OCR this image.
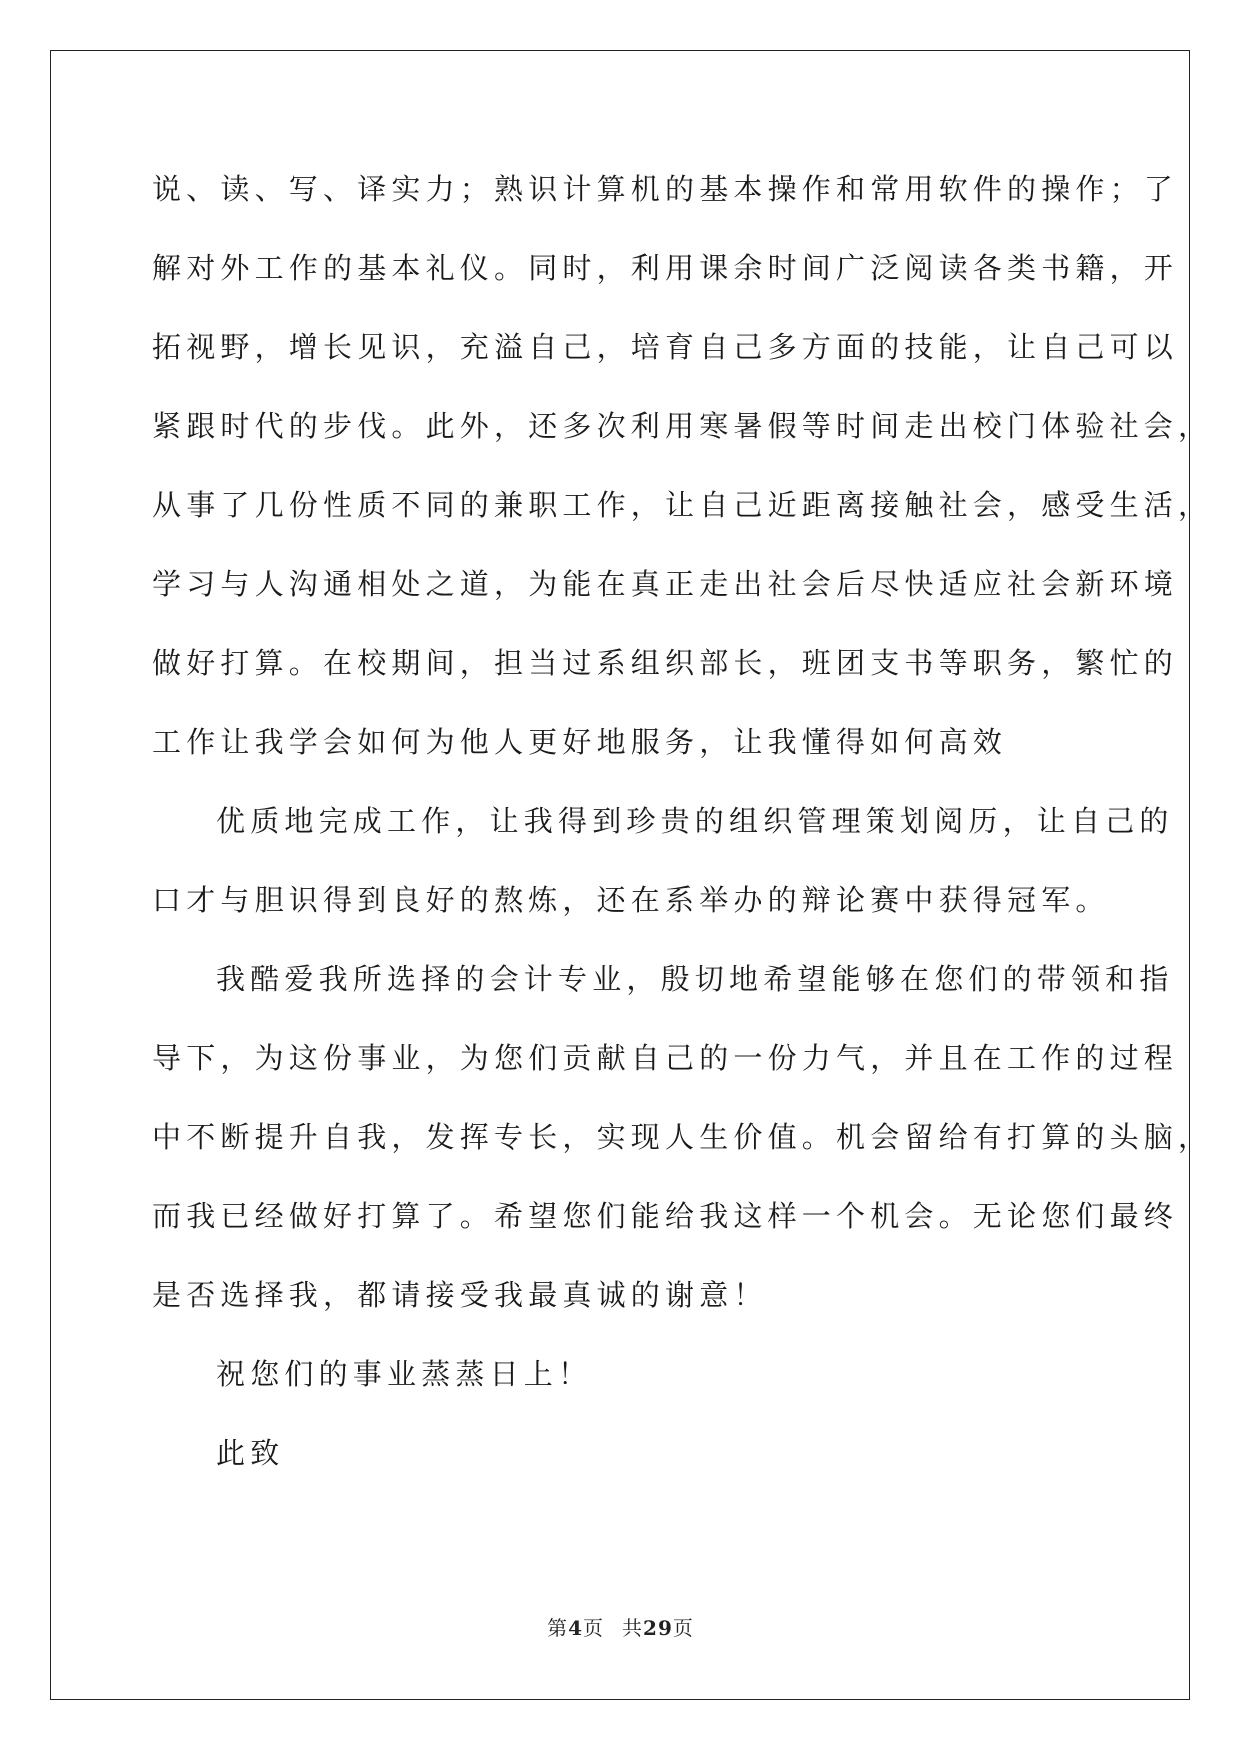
说、读、写、译实力；熟识计算机的基本操作和常用软件的操作；了
解对外工作的基本礼仪。同时，利用课余时间广泛阅读各类书籍，开
拓视野，增长见识，充溢自己，培育自己多方面的技能，让自己可以
紧跟时代的步伐。此外，还多次利用寒暑假等时间走出校门体验社会，
从事了几份性质不同的兼职工作，让自己近距离接触社会，感受生活，
学习与人沟通相处之道，为能在真正走出社会后尽快适应社会新环境
做好打算。在校期间，担当过系组织部长，班团支书等职务，繁忙的
工作让我学会如何为他人更好地服务，让我懂得如何高效
优质地完成工作，让我得到珍贵的组织管理策划阅历，让自己的
口才与胆识得到良好的熬炼，还在系举办的辩论赛中获得冠军。
我酷爱我所选择的会计专业，殷切地希望能够在您们的带领和指
导下，为这份事业，为您们贡献自己的一份力气，并且在工作的过程
中不断提升自我，发挥专长，实现人生价值。机会留给有打算的头脑，
而我已经做好打算了。希望您们能给我这样一个机会。无论您们最终
是否选择我，都请接受我最真诚的谢意！
祝您们的事业蒸蒸日上！
此致
第4页 共29页
